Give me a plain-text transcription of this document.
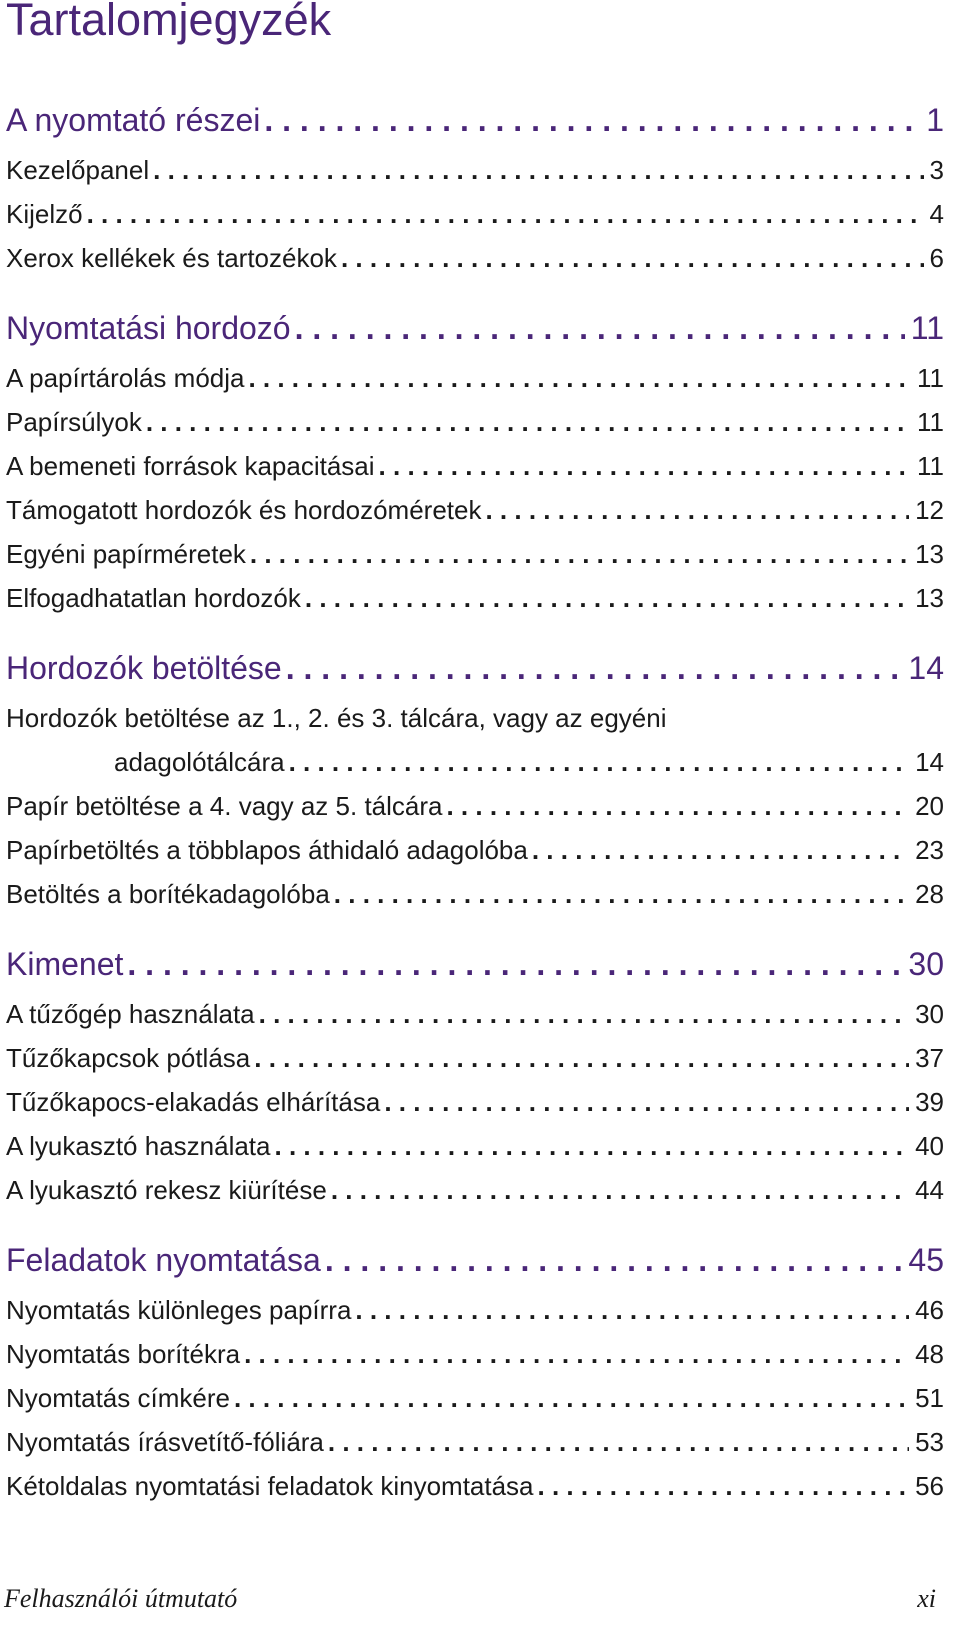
Tartalomjegyzék
A nyomtató részei . . .	1
Kezelőpanel . . .	3
Kijelző . . .	4
Xerox kellékek és tartozékok . . .	6
Nyomtatási hordozó . . .	11
A papírtárolás módja . . .	11
Papírsúlyok . . .	11
A bemeneti források kapacitásai . . .	11
Támogatott hordozók és hordozóméretek . . .	12
Egyéni papírméretek . . .	13
Elfogadhatatlan hordozók . . .	13
Hordozók betöltése . . .	14
Hordozók betöltése az 1., 2. és 3. tálcára, vagy az egyéni
adagolótálcára . . .	14
Papír betöltése a 4. vagy az 5. tálcára . . .	20
Papírbetöltés a többlapos áthidaló adagolóba . . .	23
Betöltés a borítékadagolóba . . .	28
Kimenet . . .	30
A tűzőgép használata . . .	30
Tűzőkapcsok pótlása . . .	37
Tűzőkapocs-elakadás elhárítása . . .	39
A lyukasztó használata . . .	40
A lyukasztó rekesz kiürítése . . .	44
Feladatok nyomtatása . . .	45
Nyomtatás különleges papírra . . .	46
Nyomtatás borítékra . . .	48
Nyomtatás címkére . . .	51
Nyomtatás írásvetítő-fóliára . . .	53
Kétoldalas nyomtatási feladatok kinyomtatása . . .	56
Felhasználói útmutató	xi
